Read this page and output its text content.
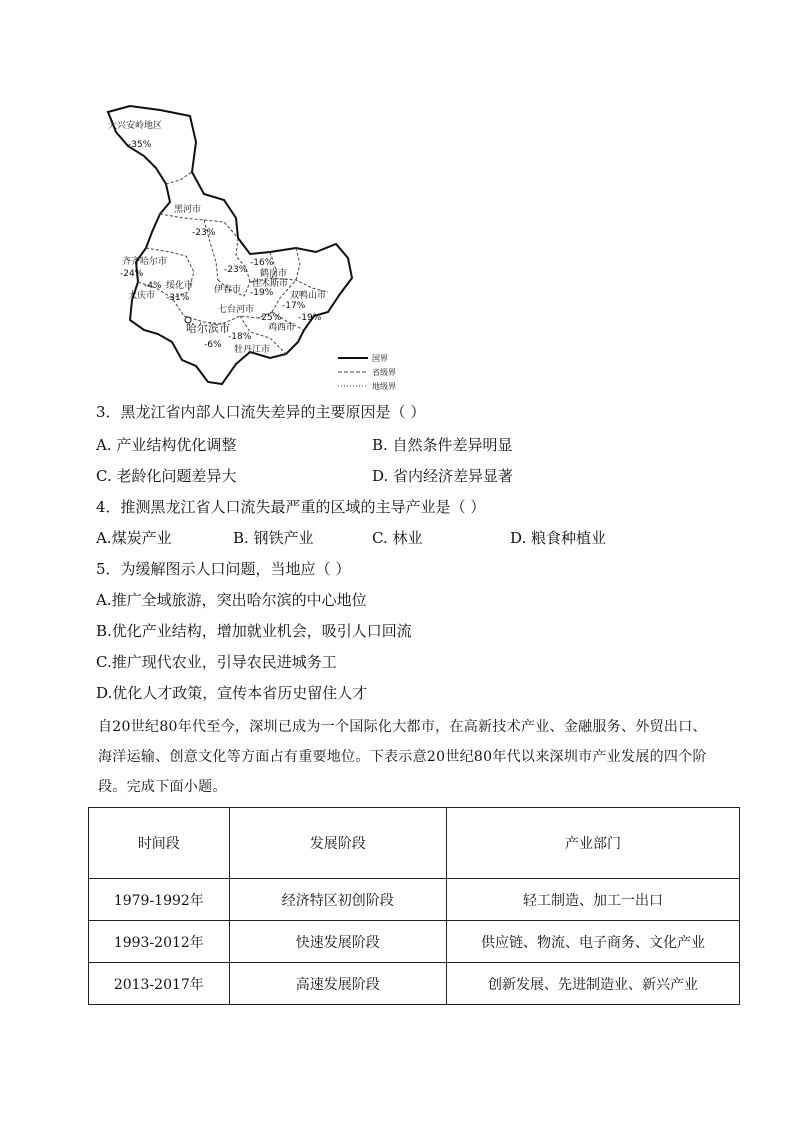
大兴安岭地区
-35%
黑河市
-23%
齐齐哈尔市
-24%
绥化市
-31%
-4%
大庆市
-23%
伊春市
-16%
鹤岗市
佳木斯市
-19% 双鸭山市
-17%
七台河市
-25%
鸡西市
-19%
哈尔滨市
-6%
-18%
牡丹江市
国界
省级界
地级界
3．黑龙江省内部人口流失差异的主要原因是（ ）
A. 产业结构优化调整	B. 自然条件差异明显
C. 老龄化问题差异大	D. 省内经济差异显著
4．推测黑龙江省人口流失最严重的区域的主导产业是（ ）
A.煤炭产业	B. 钢铁产业	C. 林业	D. 粮食种植业
5．为缓解图示人口问题，当地应（ ）
A.推广全域旅游，突出哈尔滨的中心地位
B.优化产业结构，增加就业机会，吸引人口回流
C.推广现代农业，引导农民进城务工
D.优化人才政策，宣传本省历史留住人才
自20世纪80年代至今，深圳已成为一个国际化大都市，在高新技术产业、金融服务、外贸出口、海洋运输、创意文化等方面占有重要地位。下表示意20世纪80年代以来深圳市产业发展的四个阶段。完成下面小题。
时间段	发展阶段	产业部门
1979-1992年	经济特区初创阶段	轻工制造、加工一出口
1993-2012年	快速发展阶段	供应链、物流、电子商务、文化产业
2013-2017年	高速发展阶段	创新发展、先进制造业、新兴产业
